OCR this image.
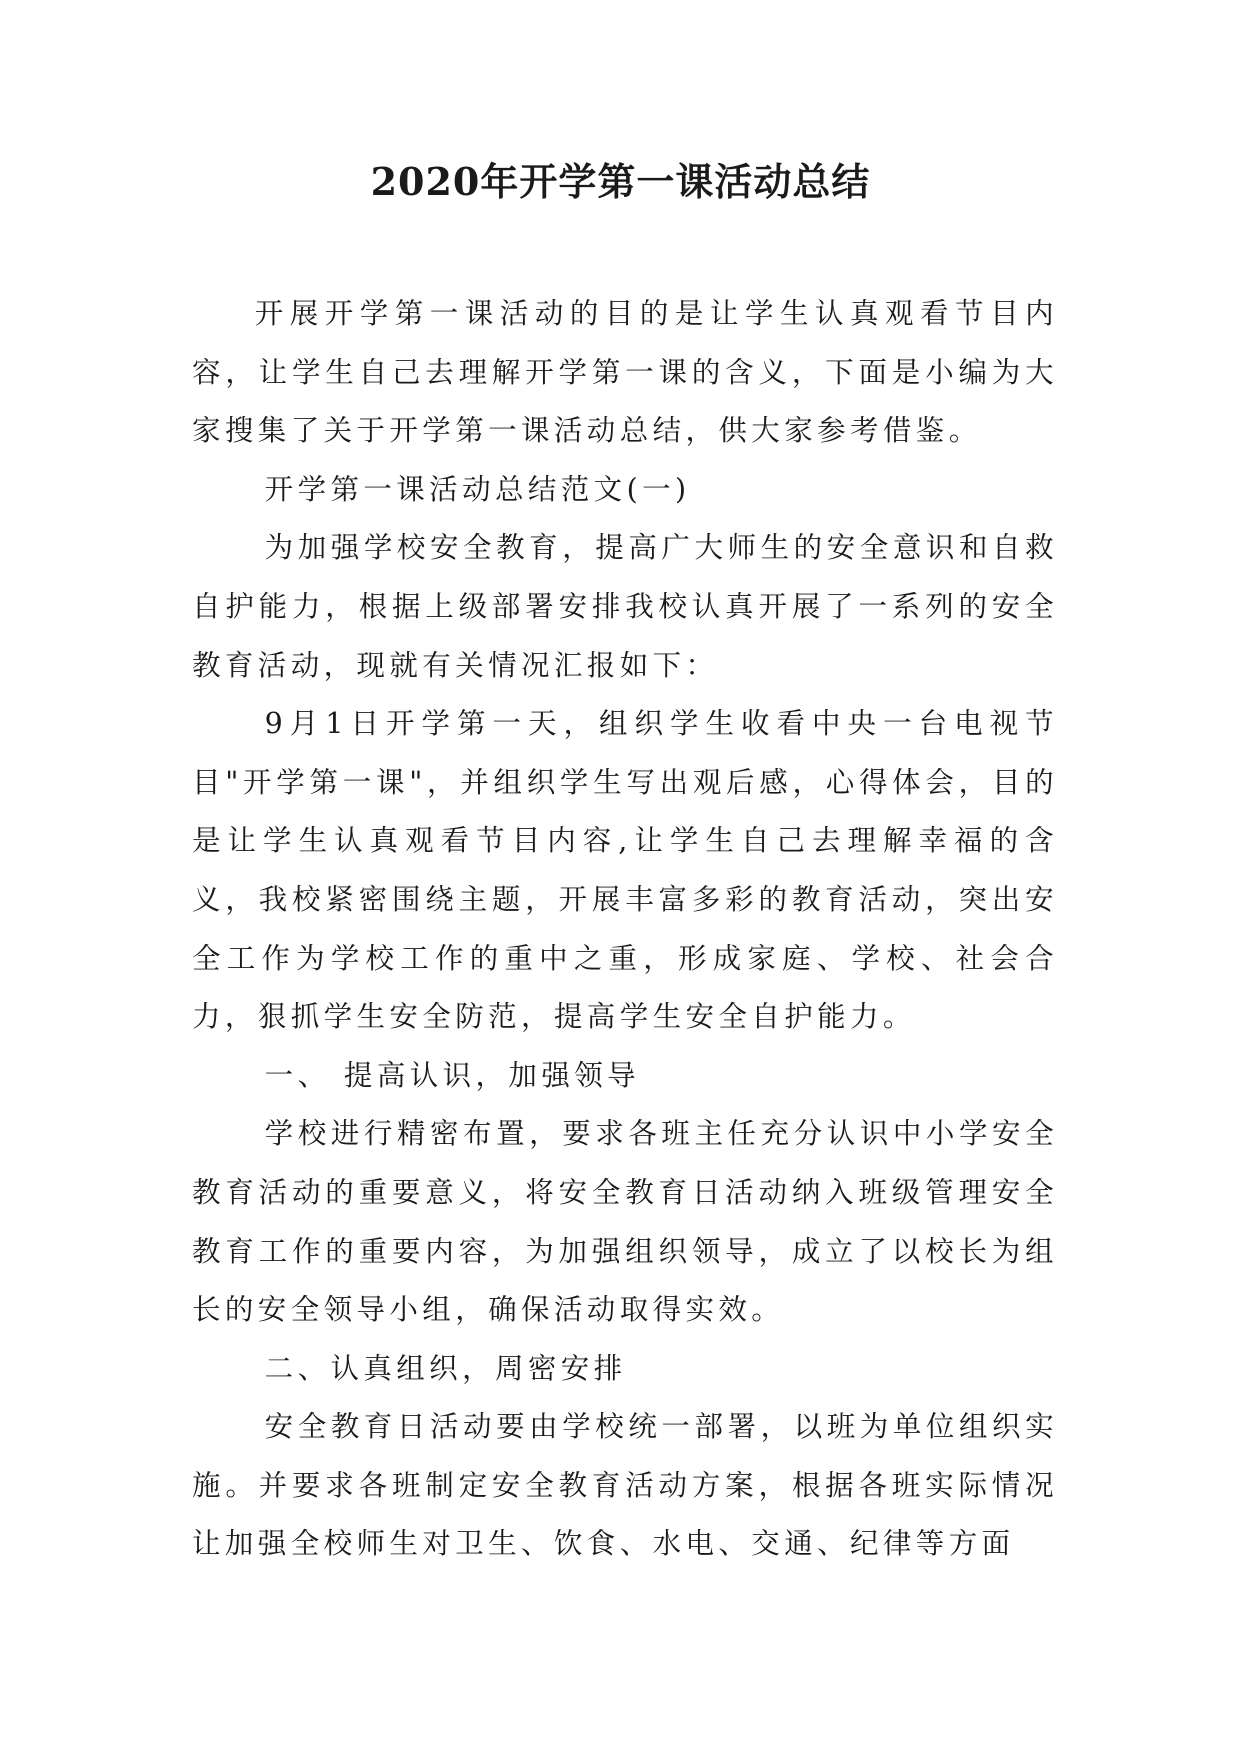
2020年开学第一课活动总结

开展开学第一课活动的目的是让学生认真观看节目内容，让学生自己去理解开学第一课的含义，下面是小编为大家搜集了关于开学第一课活动总结，供大家参考借鉴。

开学第一课活动总结范文(一)

为加强学校安全教育，提高广大师生的安全意识和自救自护能力，根据上级部署安排我校认真开展了一系列的安全教育活动，现就有关情况汇报如下：

9月1日开学第一天，组织学生收看中央一台电视节目"开学第一课"，并组织学生写出观后感，心得体会，目的是让学生认真观看节目内容,让学生自己去理解幸福的含义，我校紧密围绕主题，开展丰富多彩的教育活动，突出安全工作为学校工作的重中之重，形成家庭、学校、社会合力，狠抓学生安全防范，提高学生安全自护能力。

一、 提高认识，加强领导

学校进行精密布置，要求各班主任充分认识中小学安全教育活动的重要意义，将安全教育日活动纳入班级管理安全教育工作的重要内容，为加强组织领导，成立了以校长为组长的安全领导小组，确保活动取得实效。

二、认真组织，周密安排

安全教育日活动要由学校统一部署，以班为单位组织实施。并要求各班制定安全教育活动方案，根据各班实际情况让加强全校师生对卫生、饮食、水电、交通、纪律等方面
